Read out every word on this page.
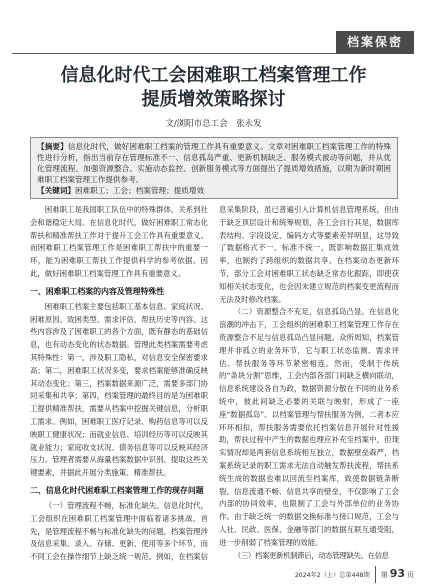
档案保密
信息化时代工会困难职工档案管理工作
提质增效策略探讨
文/浏阳市总工会　张永发

【摘要】信息化时代，做好困难职工档案的管理工作具有重要意义。文章对困难职工档案管理工作的特殊性进行分析，指出当前存在管理标准不一、信息孤岛严重、更新机制缺乏、服务模式被动等问题，并从优化管理流程、加强资源整合、实施动态监控、创新服务模式等方面提出了提质增效措施，以期为新时期困难职工档案管理工作提供参考。

【关键词】困难职工；工会；档案管理；提质增效

困难职工是我国职工队伍中的特殊群体，关系到社会和谐稳定大局。在信息化时代，做好困难职工常态化帮扶和精准帮扶工作对于提升工会工作具有重要意义。而困难职工档案管理工作是困难职工帮扶中的重要一环，能为困难职工帮扶工作提供科学的参考依据。因此，做好困难职工档案管理工作具有重要意义。

一、困难职工档案的内容及管理特殊性

困难职工档案主要包括职工基本信息、家庭状况、困难原因、致困类型、需求评估、帮扶历史等内容。这些内容涉及了困难职工的各个方面，既有静态的基础信息，也有动态变化的状态数据。管理此类档案需要考虑其特殊性：第一，涉及职工隐私，对信息安全保密要求高；第二，困难职工状况多变，要求档案能够准确反映其动态变化；第三，档案数据来源广泛，需要多部门协同采集和共享；第四，档案管理的最终目的是为困难职工提供精准帮扶，需要从档案中挖掘关键信息，分析职工需求。例如，困难职工医疗记录、购药信息等可以反映职工健康状况；而就业信息、培训经历等可以反映其就业能力；家庭收支状况、债务信息等可以反映其经济压力。管理者需要从海量档案数据中识别、提取这些关键要素，并据此开展分类施策、精准帮扶。

二、信息化时代困难职工档案管理工作的现存问题

（一）管理流程不畅，标准化缺失。信息化时代，工会组织在困难职工档案管理中面临着诸多挑战。首先，是管理流程不畅与标准化缺失的问题。档案管理涉及信息采集、录入、存储、更新、使用等多个环节，而不同工会在操作细节上缺乏统一规范。例如，在档案信

息采集阶段，虽已普遍引入计算机信息管理系统，但由于缺乏顶层设计和统筹规划，各工会自行其是，数据库表结构、字段设定、编码方式等要素差异明显，这导致了数据格式不一、标准不统一，既影响数据汇集成效率，也制约了跨组织的数据共享。在档案动态更新环节，部分工会对困难职工状态缺乏常态化跟踪，即使获知相关状态变化，也会因未建立规范的档案变更流程而无法及时修改档案。

（二）资源整合不充足，信息孤岛凸显。在信息化浪潮的冲击下，工会组织的困难职工档案管理工作存在资源整合不足与信息孤岛凸显问题。众所周知，档案管理并非孤立的业务环节，它与职工状态监测、需求评估、帮扶服务等环节紧密相连。然而，受制于传统的“条块分割”思维，工会内部各部门间缺乏横向联动，信息系统建设各自为政，数据资源分散在不同的业务系统中，彼此间缺乏必要的关联与映射，形成了一座座“数据孤岛”。以档案管理与帮扶服务为例，二者本应环环相扣，帮扶服务需要依托档案信息开展针对性援助，帮扶过程中产生的数据也理应补充至档案中，但现实情况却是两套信息系统相互独立，数据壁垒森严，档案系统记录的职工需求无法自动触发帮扶流程，帮扶系统生成的数据也难以回流至档案库，致使数据链条断裂。信息流通不畅、信息共享的壁垒，不仅影响了工会内部的协同效率，也限制了工会与外部单位的业务协作。由于缺乏统一的数据交换标准与接口规范，工会与人社、民政、医保、金融等部门的数据互联互通受阻，进一步削弱了档案管理的效能。

（三）档案更新机制滞后，动态管理缺失。在信息

2024年2（上）总第448期	第 93 页
